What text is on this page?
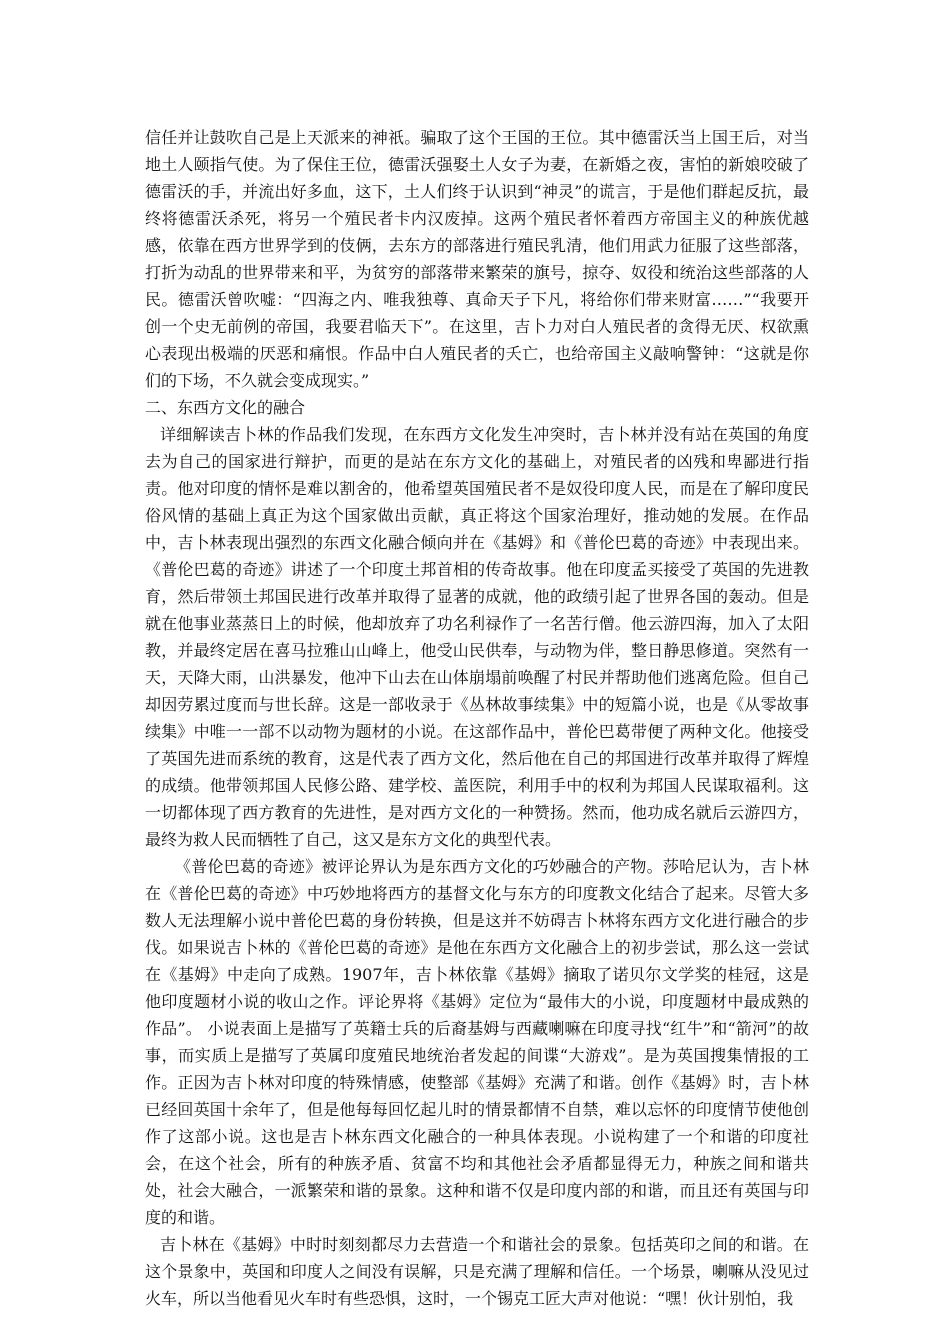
信任并让鼓吹自己是上天派来的神祇。骗取了这个王国的王位。其中德雷沃当上国王后，对当地土人颐指气使。为了保住王位，德雷沃强娶土人女子为妻，在新婚之夜，害怕的新娘咬破了德雷沃的手，并流出好多血，这下，土人们终于认识到“神灵”的谎言，于是他们群起反抗，最终将德雷沃杀死，将另一个殖民者卡内汉废掉。这两个殖民者怀着西方帝国主义的种族优越感，依靠在西方世界学到的伎俩，去东方的部落进行殖民乳清，他们用武力征服了这些部落，打折为动乱的世界带来和平，为贫穷的部落带来繁荣的旗号，掠夺、奴役和统治这些部落的人民。德雷沃曾吹嘘：“四海之内、唯我独尊、真命天子下凡，将给你们带来财富……”“我要开创一个史无前例的帝国，我要君临天下”。在这里，吉卜力对白人殖民者的贪得无厌、权欲熏心表现出极端的厌恶和痛恨。作品中白人殖民者的夭亡，也给帝国主义敲响警钟：“这就是你们的下场，不久就会变成现实。”

二、东西方文化的融合

详细解读吉卜林的作品我们发现，在东西方文化发生冲突时，吉卜林并没有站在英国的角度去为自己的国家进行辩护，而更的是站在东方文化的基础上，对殖民者的凶残和卑鄙进行指责。他对印度的情怀是难以割舍的，他希望英国殖民者不是奴役印度人民，而是在了解印度民俗风情的基础上真正为这个国家做出贡献，真正将这个国家治理好，推动她的发展。在作品中，吉卜林表现出强烈的东西文化融合倾向并在《基姆》和《普伦巴葛的奇迹》中表现出来。《普伦巴葛的奇迹》讲述了一个印度土邦首相的传奇故事。他在印度孟买接受了英国的先进教育，然后带领土邦国民进行改革并取得了显著的成就，他的政绩引起了世界各国的轰动。但是就在他事业蒸蒸日上的时候，他却放弃了功名利禄作了一名苦行僧。他云游四海，加入了太阳教，并最终定居在喜马拉雅山山峰上，他受山民供奉，与动物为伴，整日静思修道。突然有一天，天降大雨，山洪暴发，他冲下山去在山体崩塌前唤醒了村民并帮助他们逃离危险。但自己却因劳累过度而与世长辞。这是一部收录于《丛林故事续集》中的短篇小说，也是《从零故事续集》中唯一一部不以动物为题材的小说。在这部作品中，普伦巴葛带便了两种文化。他接受了英国先进而系统的教育，这是代表了西方文化，然后他在自己的邦国进行改革并取得了辉煌的成绩。他带领邦国人民修公路、建学校、盖医院，利用手中的权利为邦国人民谋取福利。这一切都体现了西方教育的先进性，是对西方文化的一种赞扬。然而，他功成名就后云游四方，最终为救人民而牺牲了自己，这又是东方文化的典型代表。

《普伦巴葛的奇迹》被评论界认为是东西方文化的巧妙融合的产物。莎哈尼认为，吉卜林在《普伦巴葛的奇迹》中巧妙地将西方的基督文化与东方的印度教文化结合了起来。尽管大多数人无法理解小说中普伦巴葛的身份转换，但是这并不妨碍吉卜林将东西方文化进行融合的步伐。如果说吉卜林的《普伦巴葛的奇迹》是他在东西方文化融合上的初步尝试，那么这一尝试在《基姆》中走向了成熟。1907年，吉卜林依靠《基姆》摘取了诺贝尔文学奖的桂冠，这是他印度题材小说的收山之作。评论界将《基姆》定位为“最伟大的小说，印度题材中最成熟的作品”。 小说表面上是描写了英籍士兵的后裔基姆与西藏喇嘛在印度寻找“红牛”和“箭河”的故事，而实质上是描写了英属印度殖民地统治者发起的间谍“大游戏”。是为英国搜集情报的工作。正因为吉卜林对印度的特殊情感，使整部《基姆》充满了和谐。创作《基姆》时，吉卜林已经回英国十余年了，但是他每每回忆起儿时的情景都情不自禁，难以忘怀的印度情节使他创作了这部小说。这也是吉卜林东西文化融合的一种具体表现。小说构建了一个和谐的印度社会，在这个社会，所有的种族矛盾、贫富不均和其他社会矛盾都显得无力，种族之间和谐共处，社会大融合，一派繁荣和谐的景象。这种和谐不仅是印度内部的和谐，而且还有英国与印度的和谐。

吉卜林在《基姆》中时时刻刻都尽力去营造一个和谐社会的景象。包括英印之间的和谐。在这个景象中，英国和印度人之间没有误解，只是充满了理解和信任。一个场景，喇嘛从没见过火车，所以当他看见火车时有些恐惧，这时，一个锡克工匠大声对他说：“嘿！伙计别怕，我
